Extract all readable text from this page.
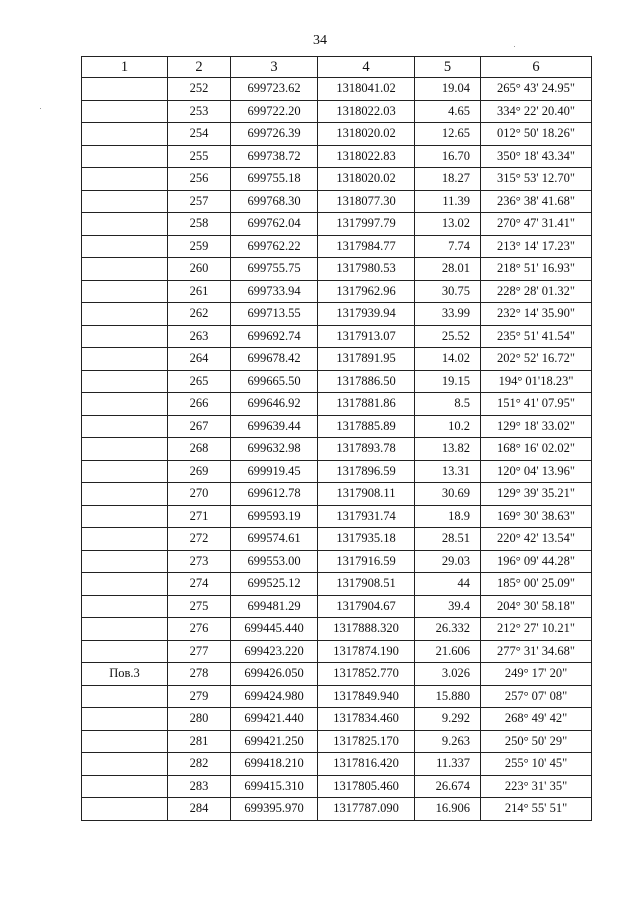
34
1	2	3	4	5	6
	252	699723.62	1318041.02	19.04	265° 43' 24.95"
	253	699722.20	1318022.03	4.65	334° 22' 20.40"
	254	699726.39	1318020.02	12.65	012° 50' 18.26"
	255	699738.72	1318022.83	16.70	350° 18' 43.34"
	256	699755.18	1318020.02	18.27	315° 53' 12.70"
	257	699768.30	1318077.30	11.39	236° 38' 41.68"
	258	699762.04	1317997.79	13.02	270° 47' 31.41"
	259	699762.22	1317984.77	7.74	213° 14' 17.23"
	260	699755.75	1317980.53	28.01	218° 51' 16.93"
	261	699733.94	1317962.96	30.75	228° 28' 01.32"
	262	699713.55	1317939.94	33.99	232° 14' 35.90"
	263	699692.74	1317913.07	25.52	235° 51' 41.54"
	264	699678.42	1317891.95	14.02	202° 52' 16.72"
	265	699665.50	1317886.50	19.15	194° 01'18.23"
	266	699646.92	1317881.86	8.5	151° 41' 07.95"
	267	699639.44	1317885.89	10.2	129° 18' 33.02"
	268	699632.98	1317893.78	13.82	168° 16' 02.02"
	269	699919.45	1317896.59	13.31	120° 04' 13.96"
	270	699612.78	1317908.11	30.69	129° 39' 35.21"
	271	699593.19	1317931.74	18.9	169° 30' 38.63"
	272	699574.61	1317935.18	28.51	220° 42' 13.54"
	273	699553.00	1317916.59	29.03	196° 09' 44.28"
	274	699525.12	1317908.51	44	185° 00' 25.09"
	275	699481.29	1317904.67	39.4	204° 30' 58.18"
	276	699445.440	1317888.320	26.332	212° 27' 10.21"
	277	699423.220	1317874.190	21.606	277° 31' 34.68"
Пов.3	278	699426.050	1317852.770	3.026	249° 17' 20"
	279	699424.980	1317849.940	15.880	257° 07' 08"
	280	699421.440	1317834.460	9.292	268° 49' 42"
	281	699421.250	1317825.170	9.263	250° 50' 29"
	282	699418.210	1317816.420	11.337	255° 10' 45"
	283	699415.310	1317805.460	26.674	223° 31' 35"
	284	699395.970	1317787.090	16.906	214° 55' 51"
